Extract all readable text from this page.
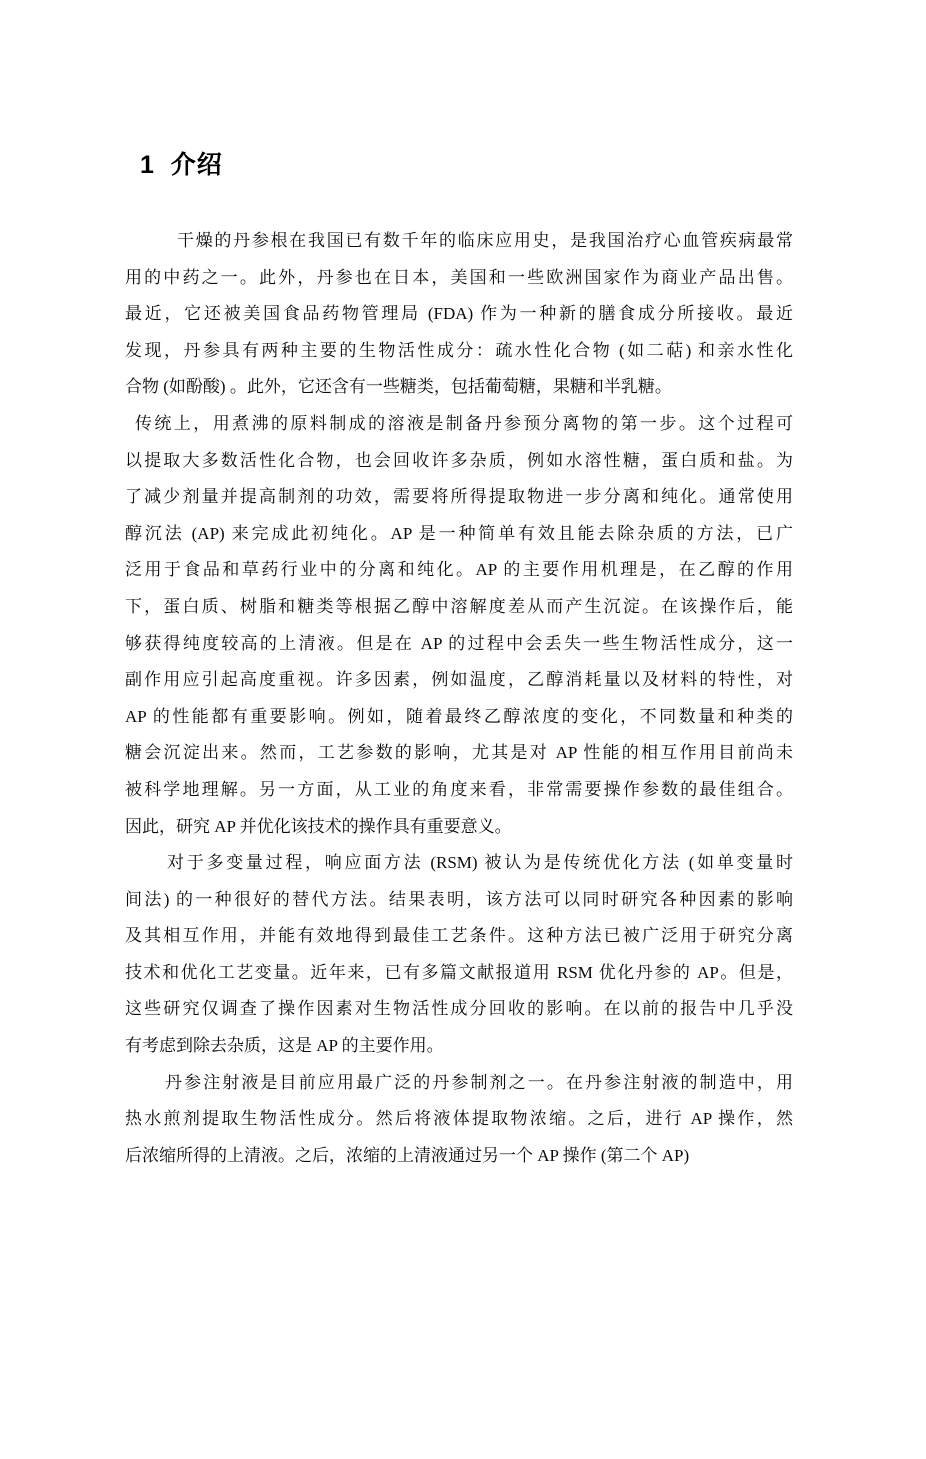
1  介绍
干燥的丹参根在我国已有数千年的临床应用史，是我国治疗心血管疾病最常
用的中药之一。此外，丹参也在日本，美国和一些欧洲国家作为商业产品出售。
最近，它还被美国食品药物管理局 (FDA) 作为一种新的膳食成分所接收。最近
发现，丹参具有两种主要的生物活性成分：疏水性化合物 (如二萜) 和亲水性化
合物 (如酚酸) 。此外，它还含有一些糖类，包括葡萄糖，果糖和半乳糖。
传统上，用煮沸的原料制成的溶液是制备丹参预分离物的第一步。这个过程可
以提取大多数活性化合物，也会回收许多杂质，例如水溶性糖，蛋白质和盐。为
了减少剂量并提高制剂的功效，需要将所得提取物进一步分离和纯化。通常使用
醇沉法 (AP) 来完成此初纯化。AP 是一种简单有效且能去除杂质的方法，已广
泛用于食品和草药行业中的分离和纯化。AP 的主要作用机理是，在乙醇的作用
下，蛋白质、树脂和糖类等根据乙醇中溶解度差从而产生沉淀。在该操作后，能
够获得纯度较高的上清液。但是在 AP 的过程中会丢失一些生物活性成分，这一
副作用应引起高度重视。许多因素，例如温度，乙醇消耗量以及材料的特性，对
AP 的性能都有重要影响。例如，随着最终乙醇浓度的变化，不同数量和种类的
糖会沉淀出来。然而，工艺参数的影响，尤其是对 AP 性能的相互作用目前尚未
被科学地理解。另一方面，从工业的角度来看，非常需要操作参数的最佳组合。
因此，研究 AP 并优化该技术的操作具有重要意义。
对于多变量过程，响应面方法 (RSM) 被认为是传统优化方法 (如单变量时
间法) 的一种很好的替代方法。结果表明，该方法可以同时研究各种因素的影响
及其相互作用，并能有效地得到最佳工艺条件。这种方法已被广泛用于研究分离
技术和优化工艺变量。近年来，已有多篇文献报道用 RSM 优化丹参的 AP。但是，
这些研究仅调查了操作因素对生物活性成分回收的影响。在以前的报告中几乎没
有考虑到除去杂质，这是 AP 的主要作用。
丹参注射液是目前应用最广泛的丹参制剂之一。在丹参注射液的制造中，用
热水煎剂提取生物活性成分。然后将液体提取物浓缩。之后，进行 AP 操作，然
后浓缩所得的上清液。之后，浓缩的上清液通过另一个 AP 操作 (第二个 AP)
